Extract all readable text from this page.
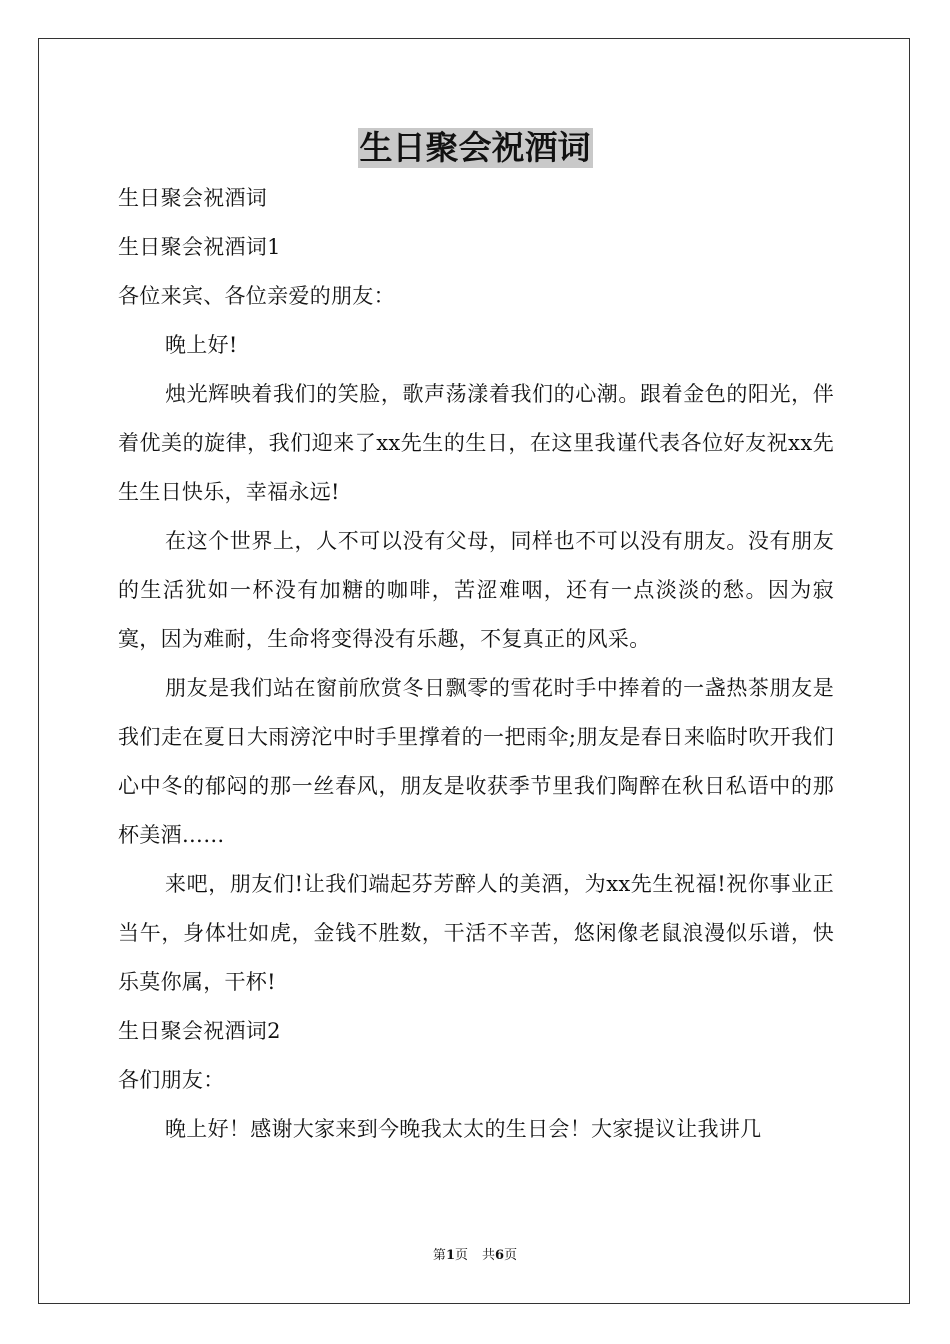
生日聚会祝酒词

生日聚会祝酒词

生日聚会祝酒词1

各位来宾、各位亲爱的朋友：

晚上好!

烛光辉映着我们的笑脸，歌声荡漾着我们的心潮。跟着金色的阳光，伴着优美的旋律，我们迎来了xx先生的生日，在这里我谨代表各位好友祝xx先生生日快乐，幸福永远!

在这个世界上，人不可以没有父母，同样也不可以没有朋友。没有朋友的生活犹如一杯没有加糖的咖啡，苦涩难咽，还有一点淡淡的愁。因为寂寞，因为难耐，生命将变得没有乐趣，不复真正的风采。

朋友是我们站在窗前欣赏冬日飘零的雪花时手中捧着的一盏热茶朋友是我们走在夏日大雨滂沱中时手里撑着的一把雨伞;朋友是春日来临时吹开我们心中冬的郁闷的那一丝春风，朋友是收获季节里我们陶醉在秋日私语中的那杯美酒……

来吧，朋友们!让我们端起芬芳醉人的美酒，为xx先生祝福!祝你事业正当午，身体壮如虎，金钱不胜数，干活不辛苦，悠闲像老鼠浪漫似乐谱，快乐莫你属，干杯!

生日聚会祝酒词2

各们朋友：

晚上好！感谢大家来到今晚我太太的生日会！大家提议让我讲几

第1页 共6页
